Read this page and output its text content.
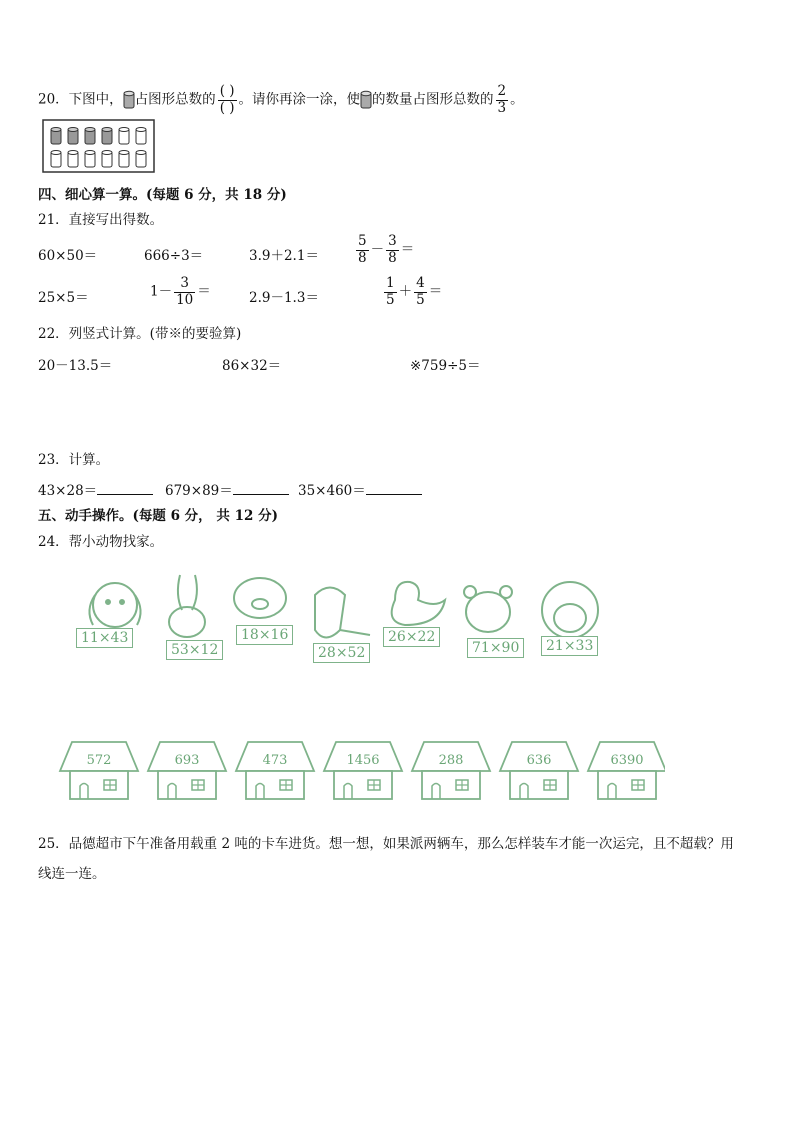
20．下图中， 占图形总数的 $\frac{( )}{( )}$ 。请你再涂一涂，使 的数量占图形总数的 $\frac{2}{3}$ 。
四、细心算一算。(每题 6 分，共 18 分)
21．直接写出得数。
60×50＝	666÷3＝	3.9＋2.1＝	$\frac{5}{8} - \frac{3}{8}$ ＝
25×5＝	$1- \frac{3}{10}$ ＝	2.9－1.3＝	$\frac{1}{5} + \frac{4}{5}$ ＝
22．列竖式计算。(带※的要验算)
20－13.5＝	86×32＝	※759÷5＝
23．计算。
43×28＝	679×89＝	35×460＝
五、动手操作。(每题 6 分， 共 12 分)
24．帮小动物找家。
11×43
53×12
18×16
28×52
26×22
71×90	21×33
572	693	473	1456	288	636	6390
25．品德超市下午准备用载重 2 吨的卡车进货。想一想，如果派两辆车，那么怎样装车才能一次运完，且不超载？用
线连一连。
